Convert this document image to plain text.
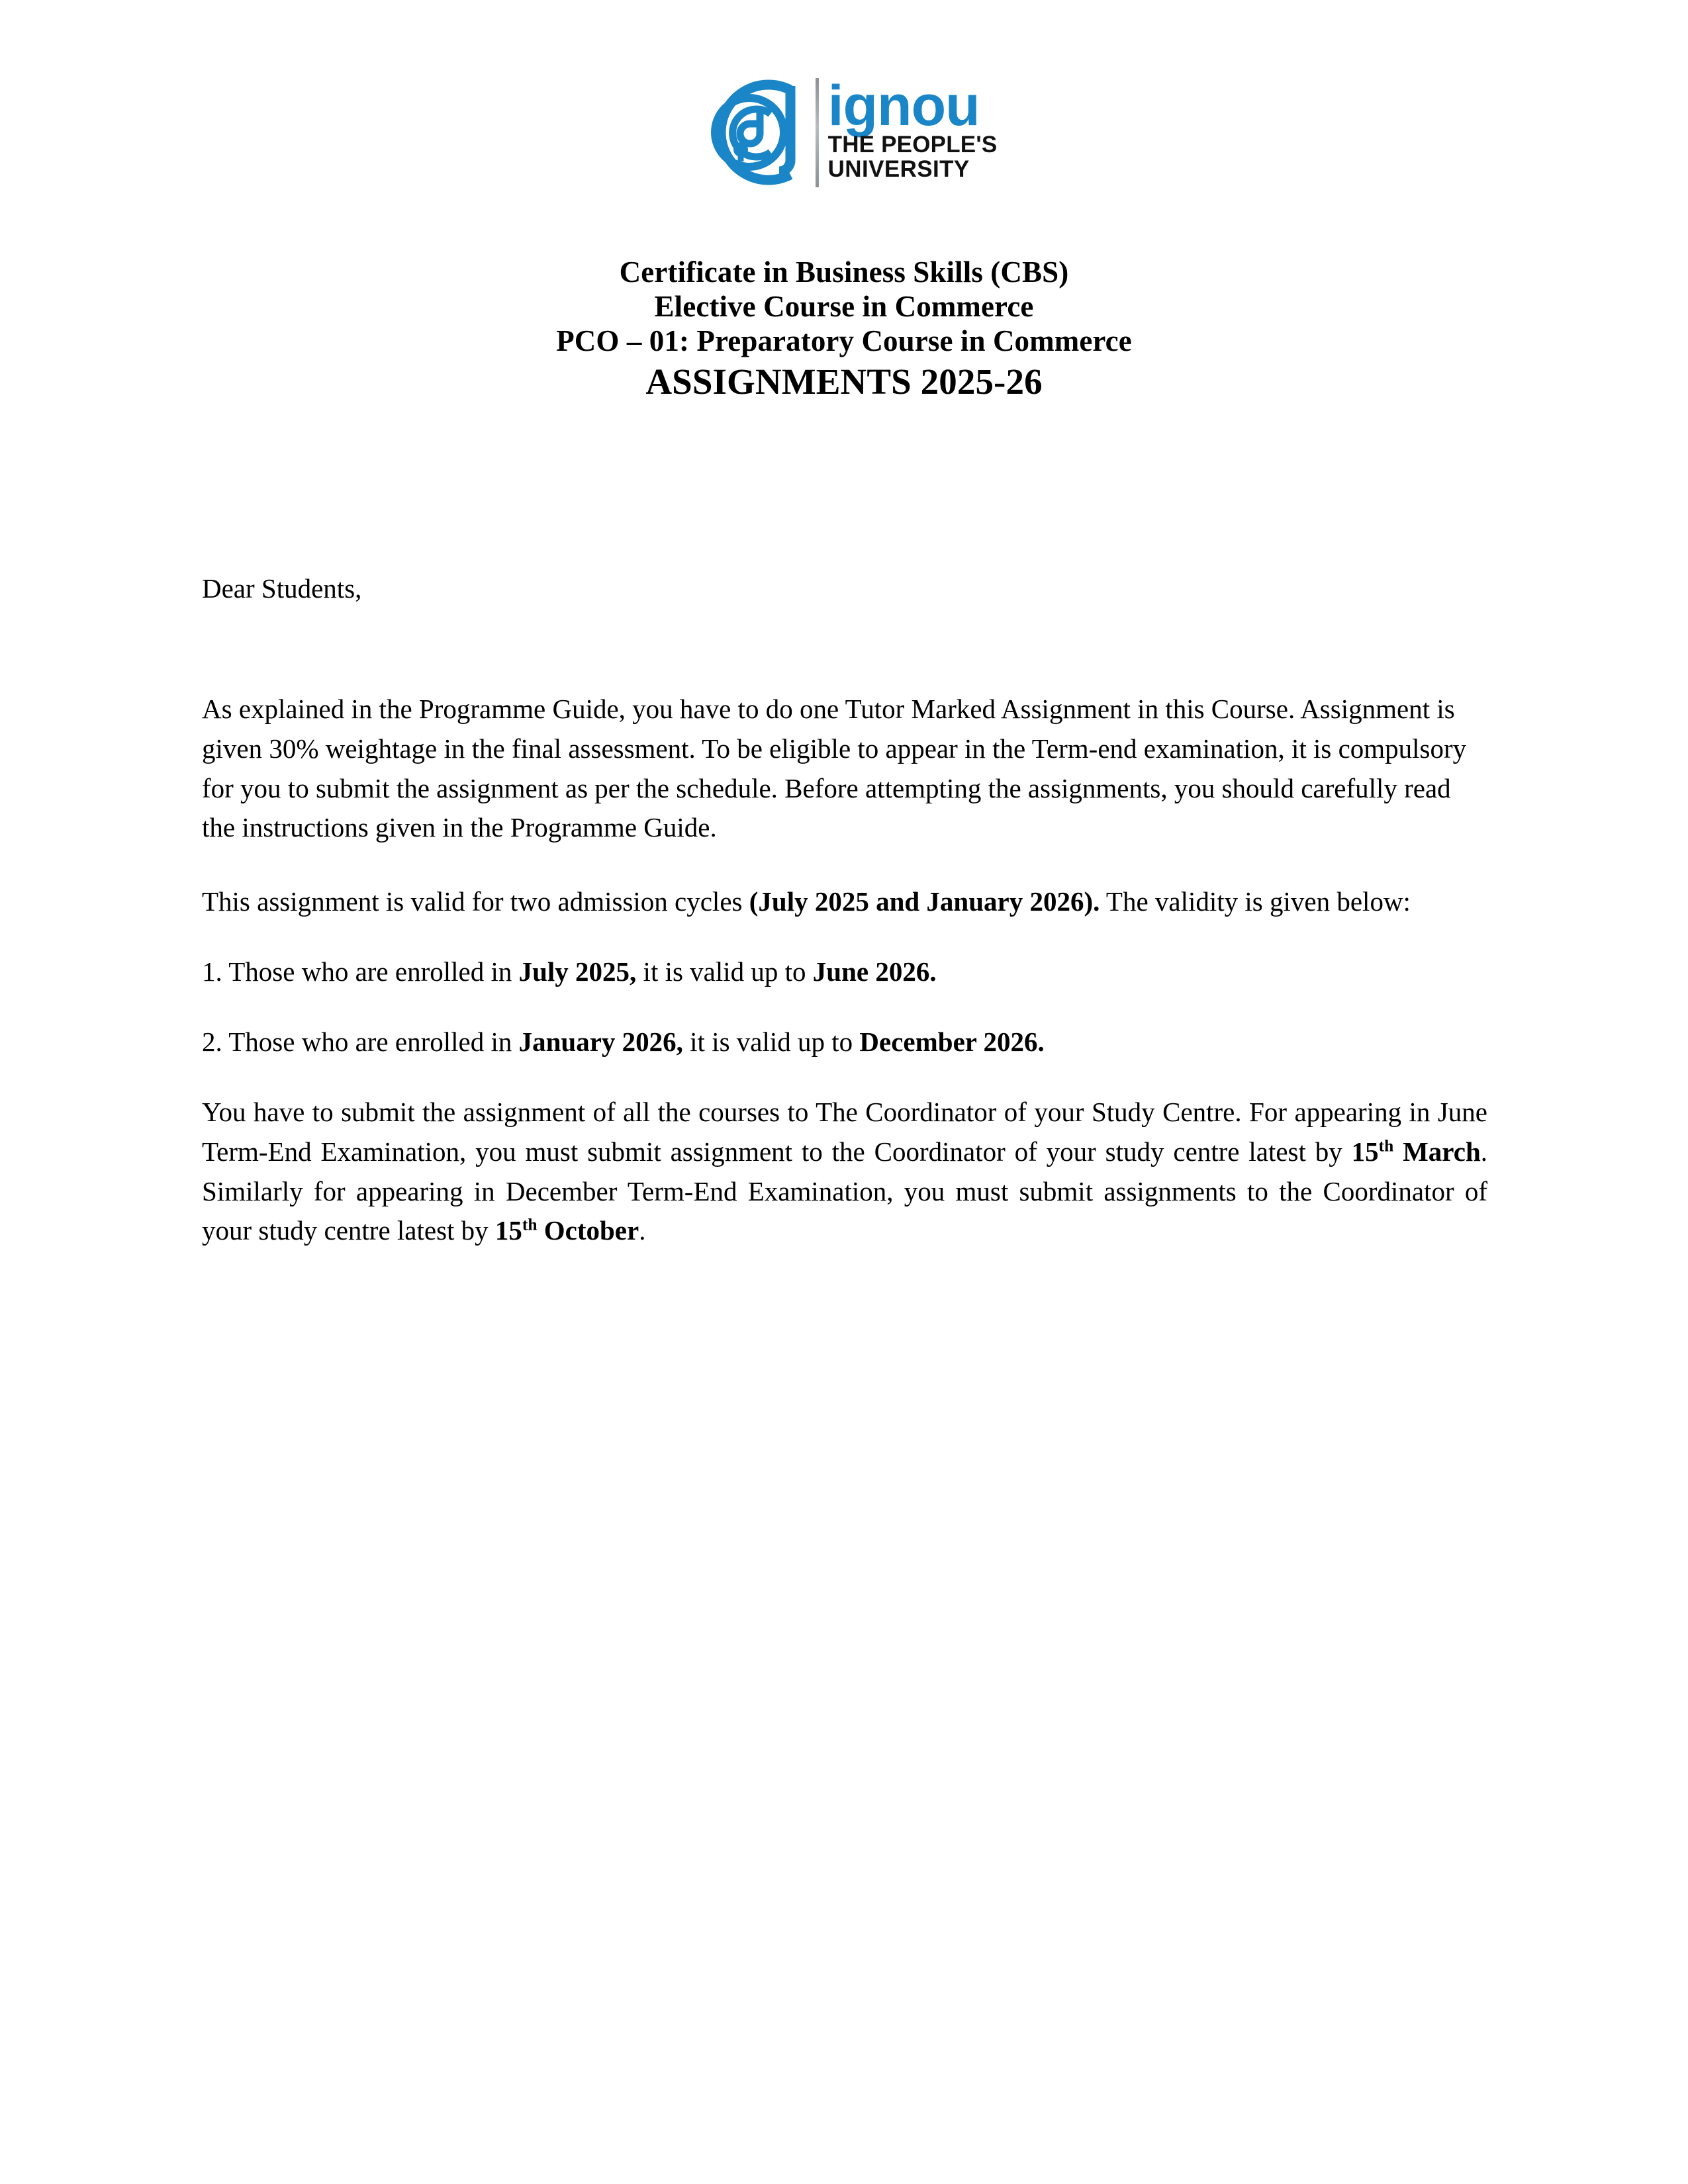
ignou
THE PEOPLE'S
UNIVERSITY
Certificate in Business Skills (CBS)
Elective Course in Commerce
PCO – 01: Preparatory Course in Commerce
ASSIGNMENTS 2025-26

Dear Students,

As explained in the Programme Guide, you have to do one Tutor Marked Assignment in this Course. Assignment is given 30% weightage in the final assessment. To be eligible to appear in the Term-end examination, it is compulsory for you to submit the assignment as per the schedule. Before attempting the assignments, you should carefully read the instructions given in the Programme Guide.

This assignment is valid for two admission cycles (July 2025 and January 2026). The validity is given below:

1. Those who are enrolled in July 2025, it is valid up to June 2026.

2. Those who are enrolled in January 2026, it is valid up to December 2026.

You have to submit the assignment of all the courses to The Coordinator of your Study Centre. For appearing in June Term-End Examination, you must submit assignment to the Coordinator of your study centre latest by 15th March. Similarly for appearing in December Term-End Examination, you must submit assignments to the Coordinator of your study centre latest by 15th October.
